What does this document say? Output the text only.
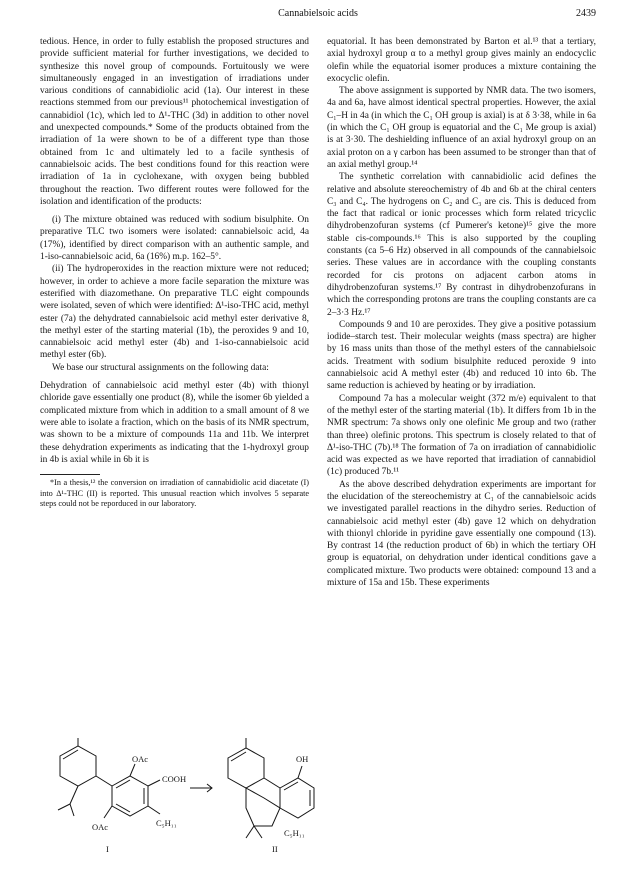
Cannabielsoic acids	2439

tedious. Hence, in order to fully establish the proposed structures and provide sufficient material for further investigations, we decided to synthesize this novel group of compounds. Fortuitously we were simultaneously engaged in an investigation of irradiations under various conditions of cannabidiolic acid (1a). Our interest in these reactions stemmed from our previous¹¹ photochemical investigation of cannabidiol (1c), which led to Δ¹-THC (3d) in addition to other novel and unexpected compounds.* Some of the products obtained from the irradiation of 1a were shown to be of a different type than those obtained from 1c and ultimately led to a facile synthesis of cannabielsoic acids. The best conditions found for this reaction were irradiation of 1a in cyclohexane, with oxygen being bubbled throughout the reaction. Two different routes were followed for the isolation and identification of the products:

(i) The mixture obtained was reduced with sodium bisulphite. On preparative TLC two isomers were isolated: cannabielsoic acid, 4a (17%), identified by direct comparison with an authentic sample, and 1-iso-cannabielsoic acid, 6a (16%) m.p. 162–5°.

(ii) The hydroperoxides in the reaction mixture were not reduced; however, in order to achieve a more facile separation the mixture was esterified with diazomethane. On preparative TLC eight compounds were isolated, seven of which were identified: Δ¹-iso-THC acid, methyl ester (7a) the dehydrated cannabielsoic acid methyl ester derivative 8, the methyl ester of the starting material (1b), the peroxides 9 and 10, cannabielsoic acid methyl ester (4b) and 1-iso-cannabielsoic acid methyl ester (6b).

We base our structural assignments on the following data:

Dehydration of cannabielsoic acid methyl ester (4b) with thionyl chloride gave essentially one product (8), while the isomer 6b yielded a complicated mixture from which in addition to a small amount of 8 we were able to isolate a fraction, which on the basis of its NMR spectrum, was shown to be a mixture of compounds 11a and 11b. We interpret these dehydration experiments as indicating that the 1-hydroxyl group in 4b is axial while in 6b it is

*In a thesis,¹² the conversion on irradiation of cannabidiolic acid diacetate (I) into Δ¹-THC (II) is reported. This unusual reaction which involves 5 separate steps could not be reporduced in our laboratory.

OAc
COOH
OAc	C₅H₁₁
I
OH
C₅H₁₁
II

equatorial. It has been demonstrated by Barton et al.¹³ that a tertiary, axial hydroxyl group α to a methyl group gives mainly an endocyclic olefin while the equatorial isomer produces a mixture containing the exocyclic olefin.

The above assignment is supported by NMR data. The two isomers, 4a and 6a, have almost identical spectral properties. However, the axial C₁–H in 4a (in which the C₁ OH group is axial) is at δ 3·38, while in 6a (in which the C₁ OH group is equatorial and the C₁ Me group is axial) is at 3·30. The deshielding influence of an axial hydroxyl group on an axial proton on a γ carbon has been assumed to be stronger than that of an axial methyl group.¹⁴

The synthetic correlation with cannabidiolic acid defines the relative and absolute stereochemistry of 4b and 6b at the chiral centers C₃ and C₄. The hydrogens on C₂ and C₃ are cis. This is deduced from the fact that radical or ionic processes which form related tricyclic dihydrobenzofuran systems (cf Pumerer's ketone)¹⁵ give the more stable cis-compounds.¹⁶ This is also supported by the coupling constants (ca 5–6 Hz) observed in all compounds of the cannabielsoic series. These values are in accordance with the coupling constants recorded for cis protons on adjacent carbon atoms in dihydrobenzofuran systems.¹⁷ By contrast in dihydrobenzofurans in which the corresponding protons are trans the coupling constants are ca 2–3·3 Hz.¹⁷

Compounds 9 and 10 are peroxides. They give a positive potassium iodide–starch test. Their molecular weights (mass spectra) are higher by 16 mass units than those of the methyl esters of the cannabielsoic acids. Treatment with sodium bisulphite reduced peroxide 9 into cannabielsoic acid A methyl ester (4b) and reduced 10 into 6b. The same reduction is achieved by heating or by irradiation.

Compound 7a has a molecular weight (372 m/e) equivalent to that of the methyl ester of the starting material (1b). It differs from 1b in the NMR spectrum: 7a shows only one olefinic Me group and two (rather than three) olefinic protons. This spectrum is closely related to that of Δ¹-iso-THC (7b).¹⁸ The formation of 7a on irradiation of cannabidiolic acid was expected as we have reported that irradiation of cannabidiol (1c) produced 7b.¹¹

As the above described dehydration experiments are important for the elucidation of the stereochemistry at C₁ of the cannabielsoic acids we investigated parallel reactions in the dihydro series. Reduction of cannabielsoic acid methyl ester (4b) gave 12 which on dehydration with thionyl chloride in pyridine gave essentially one compound (13). By contrast 14 (the reduction product of 6b) in which the tertiary OH group is equatorial, on dehydration under identical conditions gave a complicated mixture. Two products were obtained: compound 13 and a mixture of 15a and 15b. These experiments
